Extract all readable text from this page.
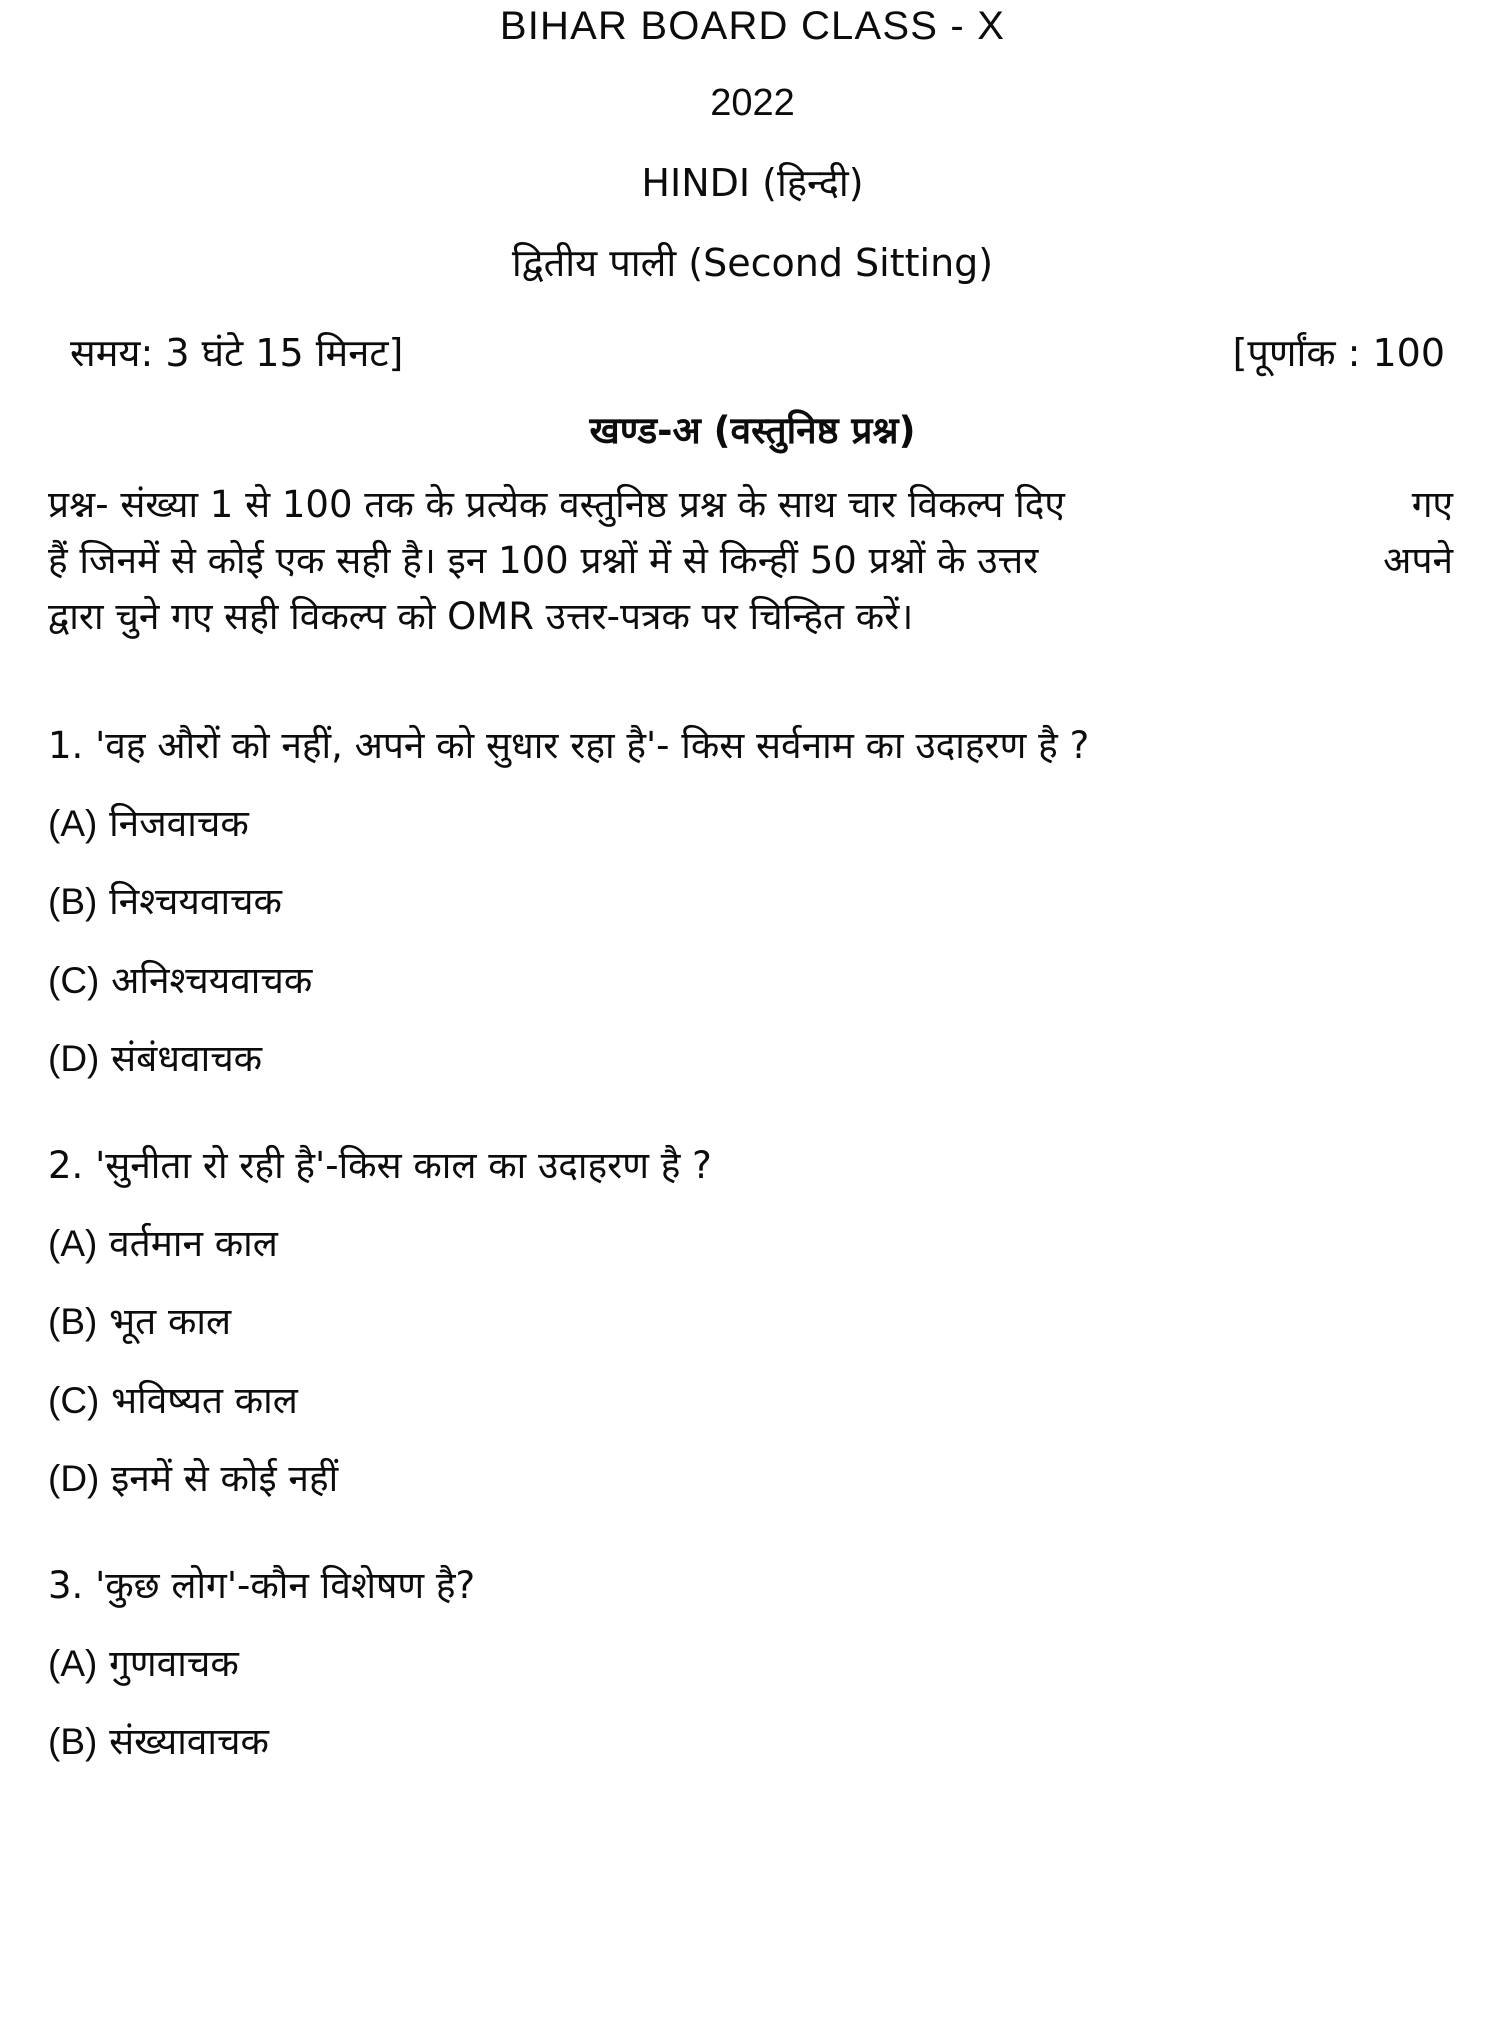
BIHAR BOARD CLASS - X
2022
HINDI (हिन्दी)
द्वितीय पाली (Second Sitting)
समय: 3 घंटे 15 मिनट]	[पूर्णांक : 100
खण्ड-अ (वस्तुनिष्ठ प्रश्न)
प्रश्न- संख्या 1 से 100 तक के प्रत्येक वस्तुनिष्ठ प्रश्न के साथ चार विकल्प दिए	गए
हैं जिनमें से कोई एक सही है। इन 100 प्रश्नों में से किन्हीं 50 प्रश्नों के उत्तर	अपने
द्वारा चुने गए सही विकल्प को OMR उत्तर-पत्रक पर चिन्हित करें।
1. 'वह औरों को नहीं, अपने को सुधार रहा है'- किस सर्वनाम का उदाहरण है ?
(A) निजवाचक
(B) निश्चयवाचक
(C) अनिश्चयवाचक
(D) संबंधवाचक
2. 'सुनीता रो रही है'-किस काल का उदाहरण है ?
(A) वर्तमान काल
(B) भूत काल
(C) भविष्यत काल
(D) इनमें से कोई नहीं
3. 'कुछ लोग'-कौन विशेषण है?
(A) गुणवाचक
(B) संख्यावाचक
